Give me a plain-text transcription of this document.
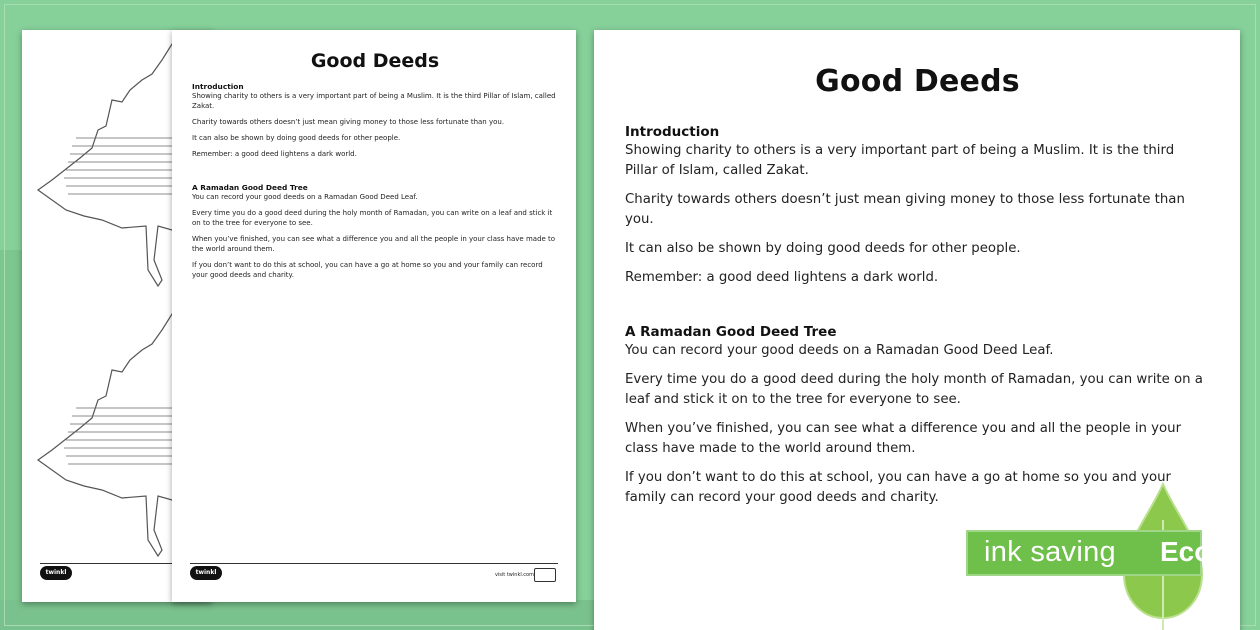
twinkl
Good Deeds
Introduction
Showing charity to others is a very important part of being a Muslim. It is the third Pillar of Islam, called Zakat.
Charity towards others doesn’t just mean giving money to those less fortunate than you.
It can also be shown by doing good deeds for other people.
Remember: a good deed lightens a dark world.
A Ramadan Good Deed Tree
You can record your good deeds on a Ramadan Good Deed Leaf.
Every time you do a good deed during the holy month of Ramadan, you can write on a leaf and stick it on to the tree for everyone to see.
When you’ve finished, you can see what a difference you and all the people in your class have made to the world around them.
If you don’t want to do this at school, you can have a go at home so you and your family can record your good deeds and charity.
twinkl	visit twinkl.com
Good Deeds
Introduction
Showing charity to others is a very important part of being a Muslim. It is the third Pillar of Islam, called Zakat.
Charity towards others doesn’t just mean giving money to those less fortunate than you.
It can also be shown by doing good deeds for other people.
Remember: a good deed lightens a dark world.
A Ramadan Good Deed Tree
You can record your good deeds on a Ramadan Good Deed Leaf.
Every time you do a good deed during the holy month of Ramadan, you can write on a leaf and stick it on to the tree for everyone to see.
When you’ve finished, you can see what a difference you and all the people in your class have made to the world around them.
If you don’t want to do this at school, you can have a go at home so you and your family can record your good deeds and charity.
ink saving Eco
